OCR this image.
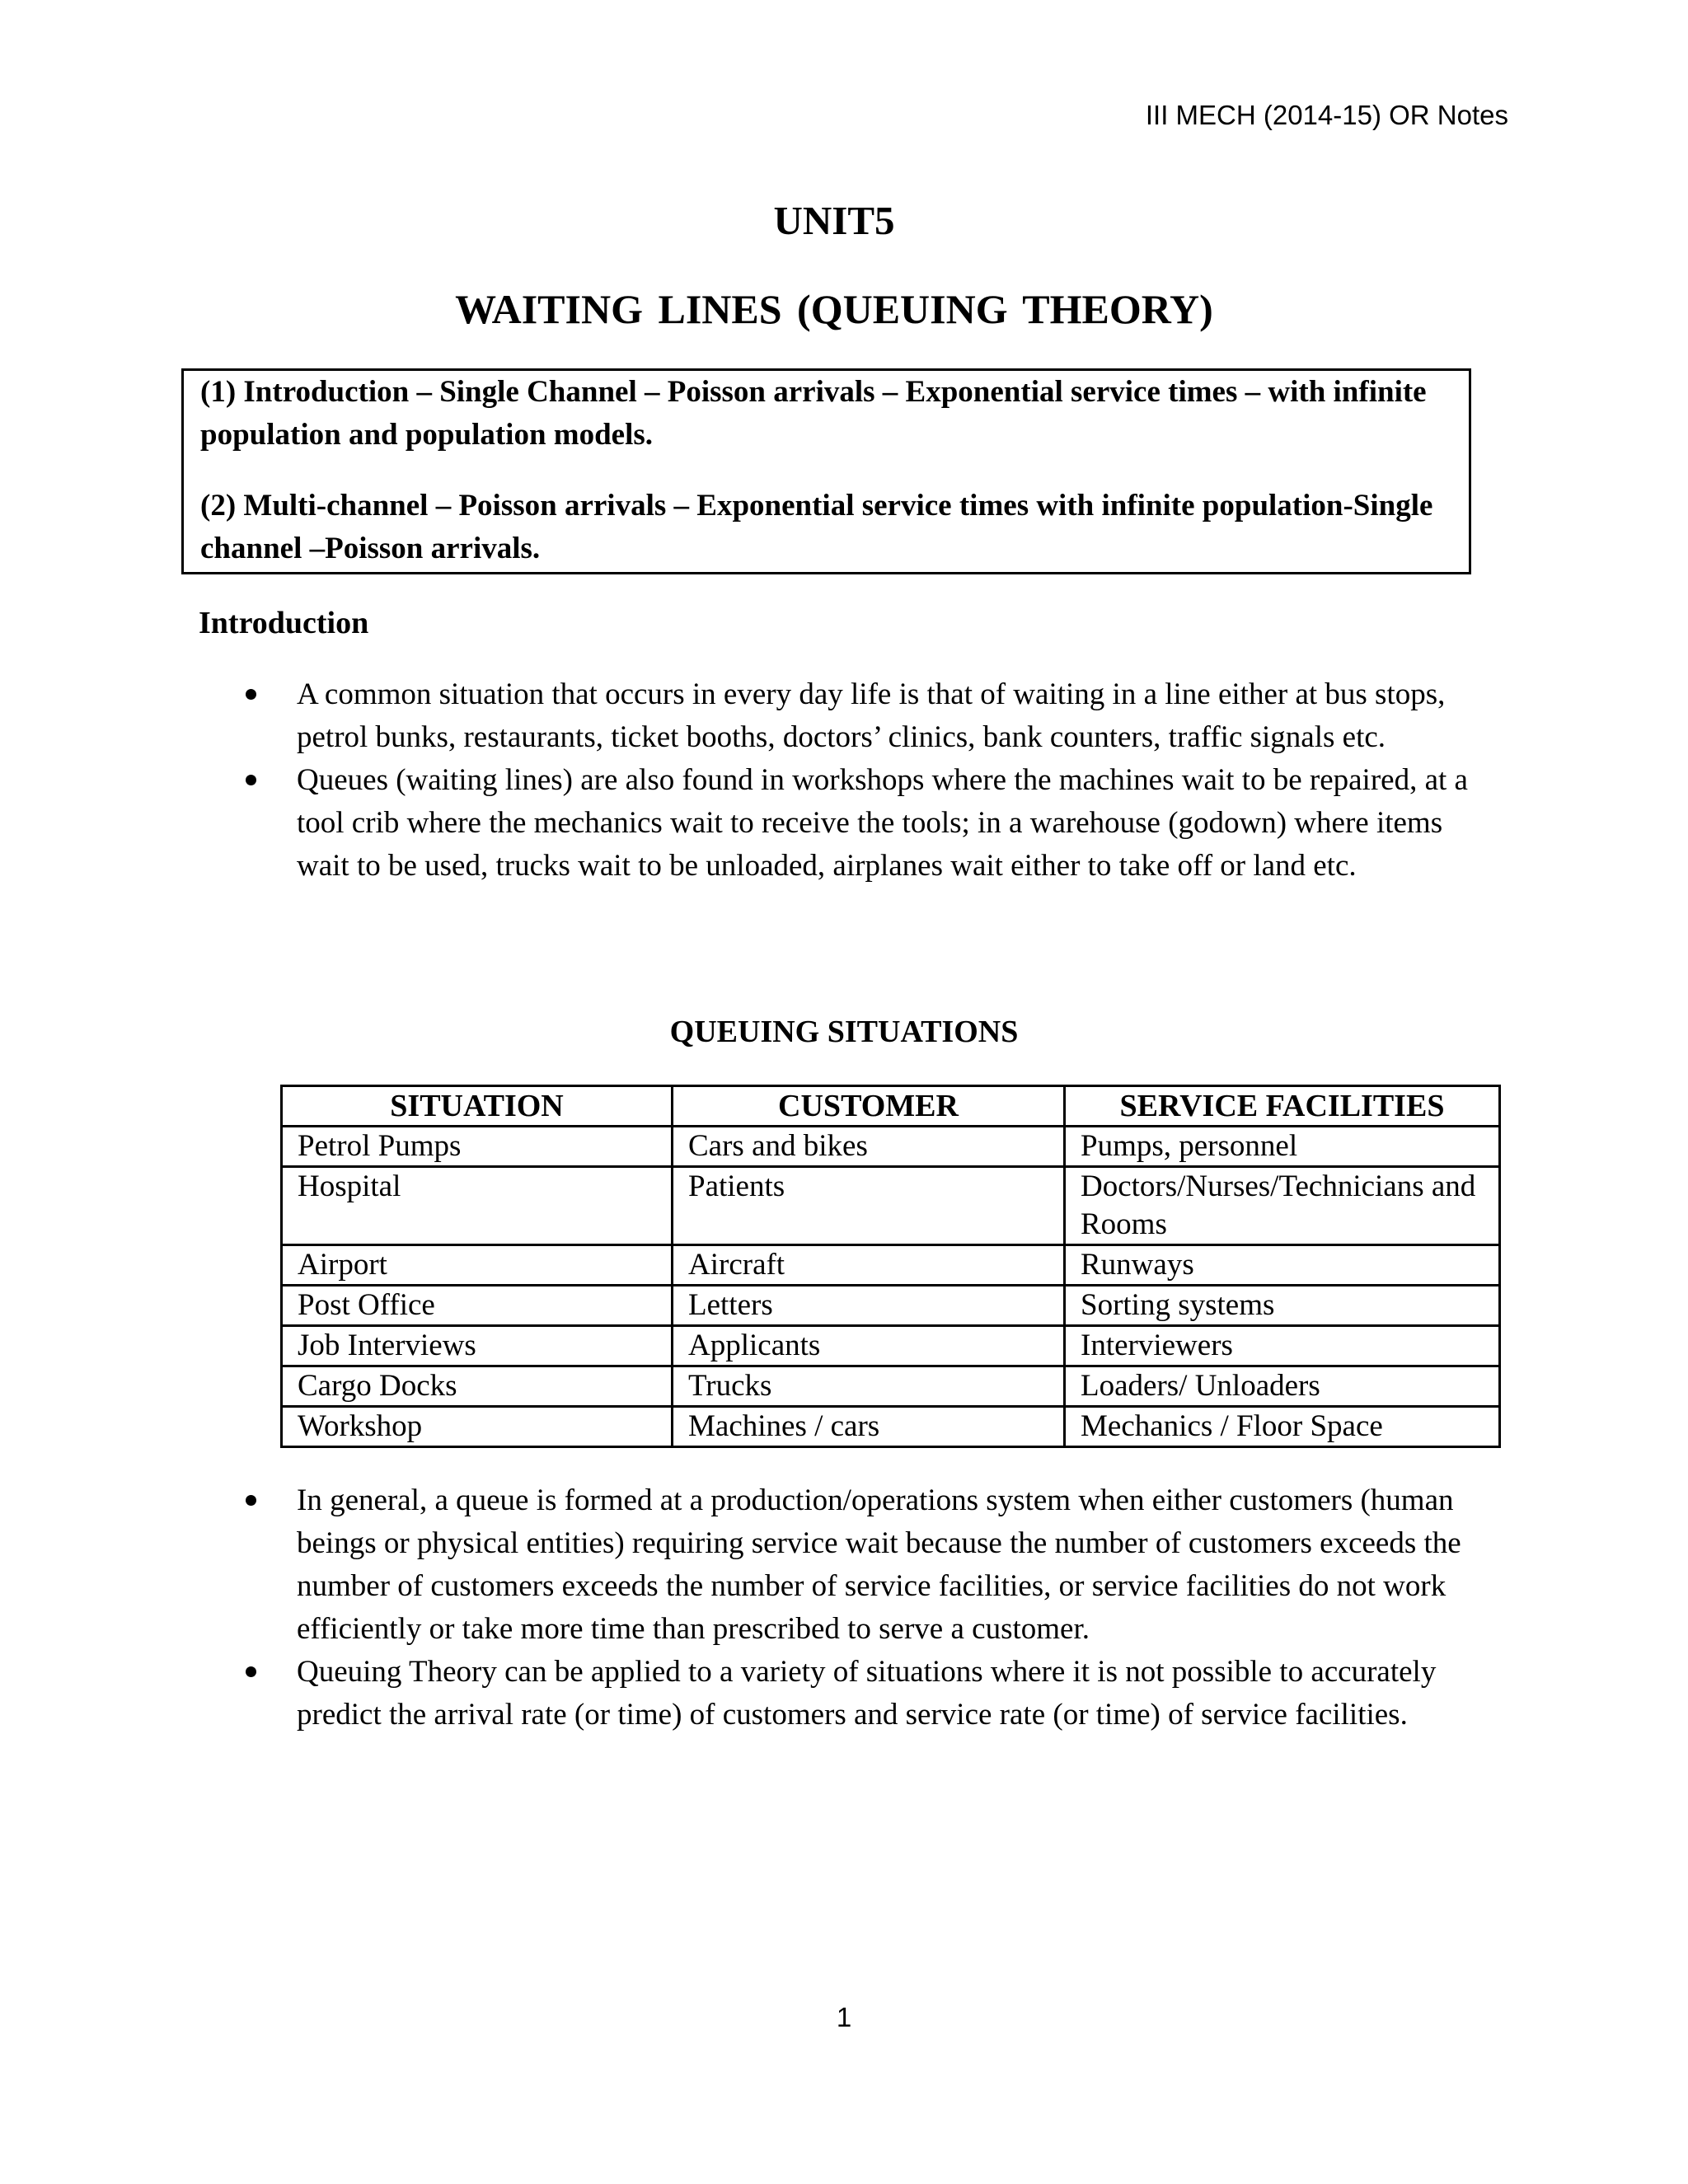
III MECH (2014-15) OR Notes
UNIT5
WAITING LINES (QUEUING THEORY)
(1) Introduction – Single Channel – Poisson arrivals – Exponential service times – with infinite population and population models.
(2) Multi-channel – Poisson arrivals – Exponential service times with infinite population-Single channel –Poisson arrivals.
Introduction
A common situation that occurs in every day life is that of waiting in a line either at bus stops, petrol bunks, restaurants, ticket booths, doctors’ clinics, bank counters, traffic signals etc.
Queues (waiting lines) are also found in workshops where the machines wait to be repaired, at a tool crib where the mechanics wait to receive the tools; in a warehouse (godown) where items wait to be used, trucks wait to be unloaded, airplanes wait either to take off or land etc.
QUEUING SITUATIONS
SITUATION	CUSTOMER	SERVICE FACILITIES
Petrol Pumps	Cars and bikes	Pumps, personnel
Hospital	Patients	Doctors/Nurses/Technicians and Rooms
Airport	Aircraft	Runways
Post Office	Letters	Sorting systems
Job Interviews	Applicants	Interviewers
Cargo Docks	Trucks	Loaders/ Unloaders
Workshop	Machines / cars	Mechanics / Floor Space
In general, a queue is formed at a production/operations system when either customers (human beings or physical entities) requiring service wait because the number of customers exceeds the number of customers exceeds the number of service facilities, or service facilities do not work efficiently or take more time than prescribed to serve a customer.
Queuing Theory can be applied to a variety of situations where it is not possible to accurately predict the arrival rate (or time) of customers and service rate (or time) of service facilities.
1
